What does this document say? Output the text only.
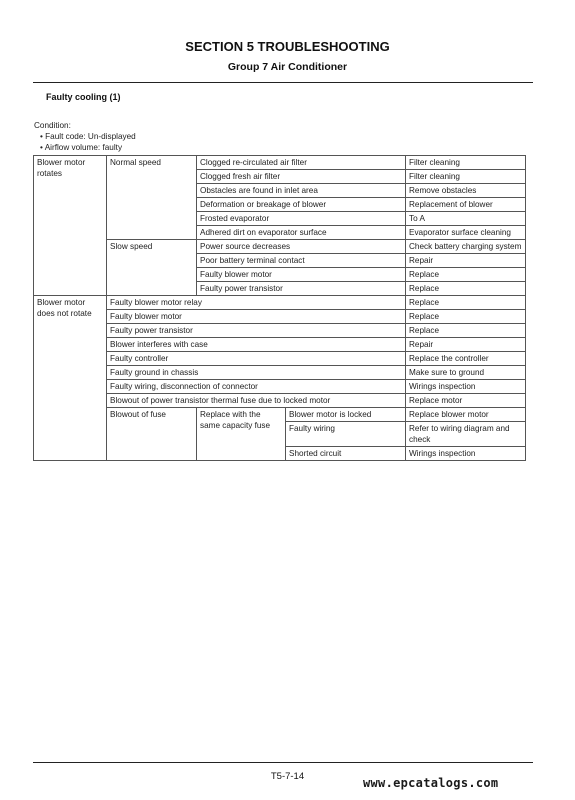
SECTION 5 TROUBLESHOOTING
Group 7 Air Conditioner
Faulty cooling (1)
Condition:
• Fault code: Un-displayed
• Airflow volume: faulty
Blower motor rotates	Normal speed	Clogged re-circulated air filter		Filter cleaning
		Clogged fresh air filter		Filter cleaning
		Obstacles are found in inlet area		Remove obstacles
		Deformation or breakage of blower		Replacement of blower
		Frosted evaporator		To A
		Adhered dirt on evaporator surface		Evaporator surface cleaning
	Slow speed	Power source decreases		Check battery charging system
		Poor battery terminal contact		Repair
		Faulty blower motor		Replace
		Faulty power transistor		Replace
Blower motor does not rotate	Faulty blower motor relay			Replace
	Faulty blower motor			Replace
	Faulty power transistor			Replace
	Blower interferes with case			Repair
	Faulty controller			Replace the controller
	Faulty ground in chassis			Make sure to ground
	Faulty wiring, disconnection of connector			Wirings inspection
	Blowout of power transistor thermal fuse due to locked motor			Replace motor
	Blowout of fuse	Replace with the same capacity fuse	Blower motor is locked	Replace blower motor
			Faulty wiring	Refer to wiring diagram and check
			Shorted circuit	Wirings inspection
T5-7-14	www.epcatalogs.com
